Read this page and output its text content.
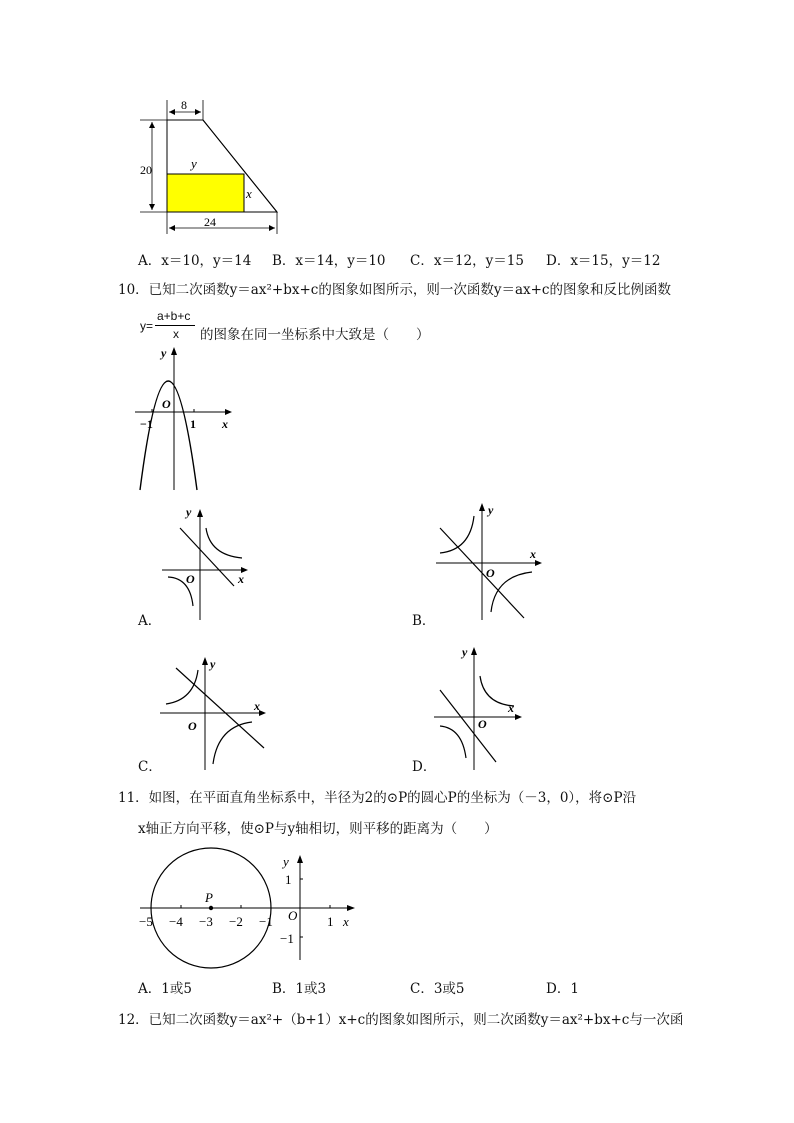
8
20	y
x
24
A．x＝10，y＝14 B．x＝14，y＝10 C．x＝12，y＝15 D．x＝15，y＝12
10．已知二次函数y＝ax²+bx+c的图象如图所示，则一次函数y＝ax+c的图象和反比例函数
y=
a+b+c
x 的图象在同一坐标系中大致是（　　）
y
O
−1	1 x
y
x
O
A．
y
x
O
B．
y
x
O
C．
y
x
O
D．
11．如图，在平面直角坐标系中，半径为2的⊙P的圆心P的坐标为（－3，0），将⊙P沿
x轴正方向平移，使⊙P与y轴相切，则平移的距离为（　　）
y
1
P
O
−5 −4 −3 −2 −1	1 x
−1
A．1或5	B．1或3	C．3或5	D．1
12．已知二次函数y＝ax²+（b+1）x+c的图象如图所示，则二次函数y＝ax²+bx+c与一次函
